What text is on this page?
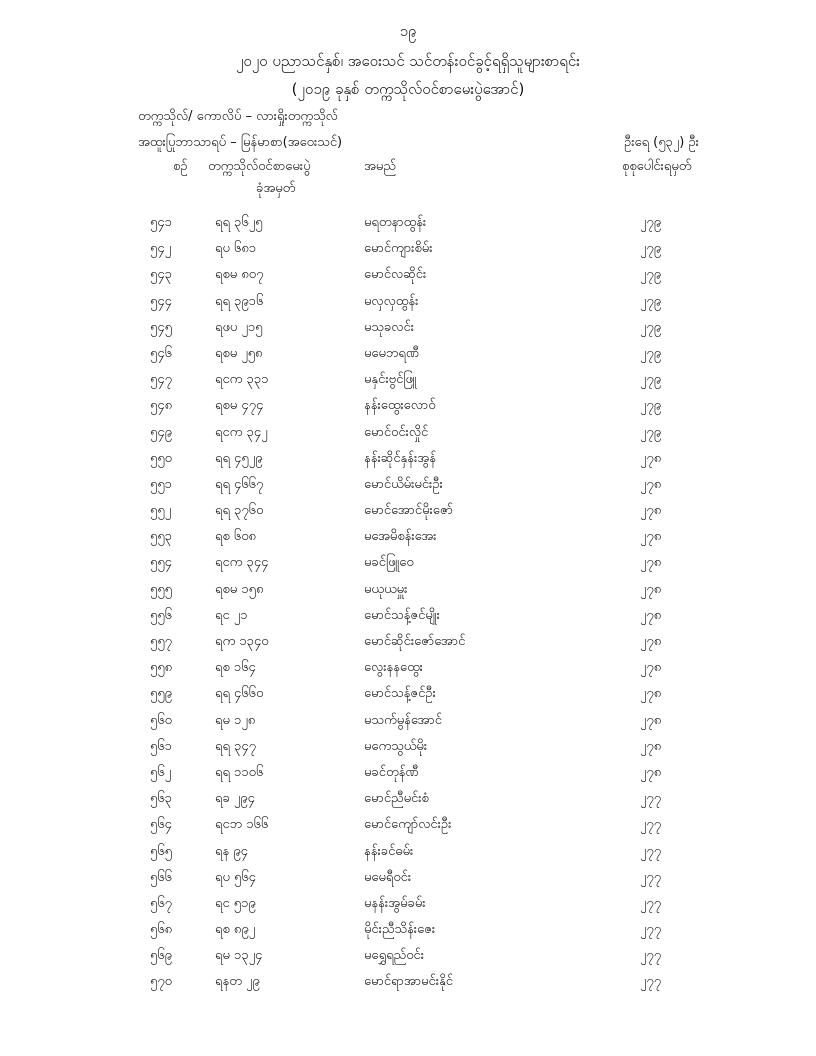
၁၉
၂၀၂၀ ပညာသင်နှစ်၊ အဝေးသင် သင်တန်းဝင်ခွင့်ရရှိသူများစာရင်း
(၂၀၁၉ ခုနှစ် တက္ကသိုလ်ဝင်စာမေးပွဲအောင်)
တက္ကသိုလ်/ ကောလိပ် – လားရှိုးတက္ကသိုလ်
အထူးပြုဘာသာရပ် – မြန်မာစာ(အဝေးသင်)	ဦးရေ (၅၃၂) ဦး
စဉ် တက္ကသိုလ်ဝင်စာမေးပွဲ
ခုံအမှတ်
အမည်	စုစုပေါင်းရမှတ်
၅၄၁	ရရ ၃၆၂၅	မရတနာထွန်း	၂၇၉
၅၄၂	ရပ ၆၈၁	မောင်ကျားစိမ်း	၂၇၉
၅၄၃	ရစမ ၈၀၇	မောင်လဆိုင်း	၂၇၉
၅၄၄	ရရ ၃၉၁၆	မလှလှထွန်း	၂၇၉
၅၄၅	ရဖပ ၂၁၅	မသုခလင်း	၂၇၉
၅၄၆	ရစမ ၂၅၈	မမေဘရဏီ	၂၇၉
၅၄၇	ရငက ၃၃၁	မနှင်းဗွင်ဖြူ	၂၇၉
၅၄၈	ရစမ ၄၇၄	နန်းထွေးလောဝ်	၂၇၉
၅၄၉	ရငက ၃၄၂	မောင်ဝင်းလှိုင်	၂၇၉
၅၅၀	ရရ ၄၅၂၉	နန်းဆိုင်နှန်းအွန်	၂၇၈
၅၅၁	ရရ ၄၆၆၇	မောင်ယိမ်းမင်းဦး	၂၇၈
၅၅၂	ရရ ၃၇၆၀	မောင်အောင်မိုးဇော်	၂၇၈
၅၅၃	ရစ ၆၀၈	မအေမိစန်းအေး	၂၇၈
၅၅၄	ရငက ၃၄၄	မခင်ဖြူဝေ	၂၇၈
၅၅၅	ရစမ ၁၅၈	မယုယမှူး	၂၇၈
၅၅၆	ရင ၂၁	မောင်သန့်ဇင်မျိုး	၂၇၈
၅၅၇	ရက ၁၃၄၀	မောင်ဆိုင်းဇော်အောင်	၂၇၈
၅၅၈	ရစ ၁၆၄	လွေးနနထွေး	၂၇၈
၅၅၉	ရရ ၄၆၆၀	မောင်သန့်ဇင်ဦး	၂၇၈
၅၆၀	ရမ ၁၂၈	မသက်မွန်အောင်	၂၇၈
၅၆၁	ရရ ၃၄၇	မကေသွယ်မိုး	၂၇၈
၅၆၂	ရရ ၁၁၀၆	မခင်တုန်ဏီ	၂၇၈
၅၆၃	ရခ ၂၉၄	မောင်ညီမင်းစံ	၂၇၇
၅၆၄	ရငဘ ၁၆၆	မောင်ကျော်လင်းဦး	၂၇၇
၅၆၅	ရန ၉၄	နန်းခင်ဓမ်း	၂၇၇
၅၆၆	ရပ ၅၆၄	မမေရီဝင်း	၂၇၇
၅၆၇	ရင ၅၁၉	မနန်းအွမ်ခမ်း	၂၇၇
၅၆၈	ရစ ၈၉၂	မိုင်းညီသိန်းဇေး	၂၇၇
၅၆၉	ရမ ၁၃၂၄	မရွှေရည်ဝင်း	၂၇၇
၅၇၀	ရနတ ၂၉	မောင်ရာအာမင်းနိုင်	၂၇၇
